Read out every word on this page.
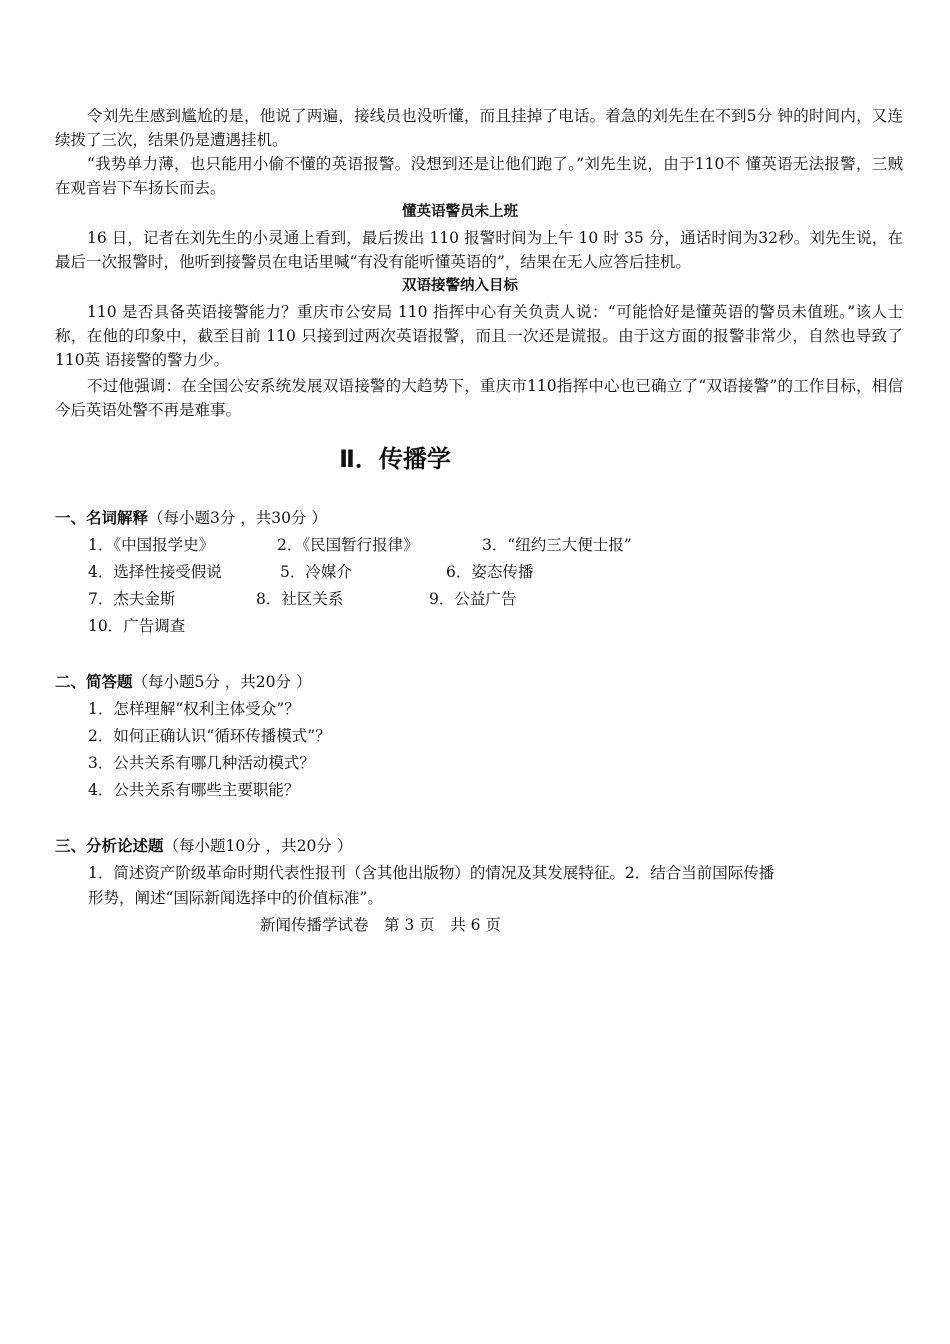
令刘先生感到尴尬的是，他说了两遍，接线员也没听懂，而且挂掉了电话。着急的刘先生在不到5分 钟的时间内，又连续拨了三次，结果仍是遭遇挂机。

“我势单力薄，也只能用小偷不懂的英语报警。没想到还是让他们跑了。”刘先生说，由于110不 懂英语无法报警，三贼在观音岩下车扬长而去。

懂英语警员未上班

16 日，记者在刘先生的小灵通上看到，最后拨出 110 报警时间为上午 10 时 35 分，通话时间为32秒。刘先生说，在最后一次报警时，他听到接警员在电话里喊“有没有能听懂英语的”，结果在无人应答后挂机。

双语接警纳入目标

110 是否具备英语接警能力？重庆市公安局 110 指挥中心有关负责人说：“可能恰好是懂英语的警员未值班。”该人士称，在他的印象中，截至目前 110 只接到过两次英语报警，而且一次还是谎报。由于这方面的报警非常少，自然也导致了110英 语接警的警力少。

不过他强调：在全国公安系统发展双语接警的大趋势下，重庆市110指挥中心也已确立了“双语接警”的工作目标，相信今后英语处警不再是难事。

Ⅱ．传播学
一、名词解释（每小题3分 ，共30分 ）
1．《中国报学史》	2．《民国暂行报律》	3．“纽约三大便士报”
4．选择性接受假说	5．冷媒介	6．姿态传播
7．杰夫金斯	8．社区关系	9．公益广告
10．广告调查
二、简答题（每小题5分 ，共20分 ）
1．怎样理解“权利主体受众”？
2．如何正确认识“循环传播模式”？
3．公共关系有哪几种活动模式？
4．公共关系有哪些主要职能？
三、分析论述题（每小题10分 ，共20分 ）
1．简述资产阶级革命时期代表性报刊（含其他出版物）的情况及其发展特征。2．结合当前国际传播
形势，阐述“国际新闻选择中的价值标准”。
新闻传播学试卷　第 3 页　共 6 页
